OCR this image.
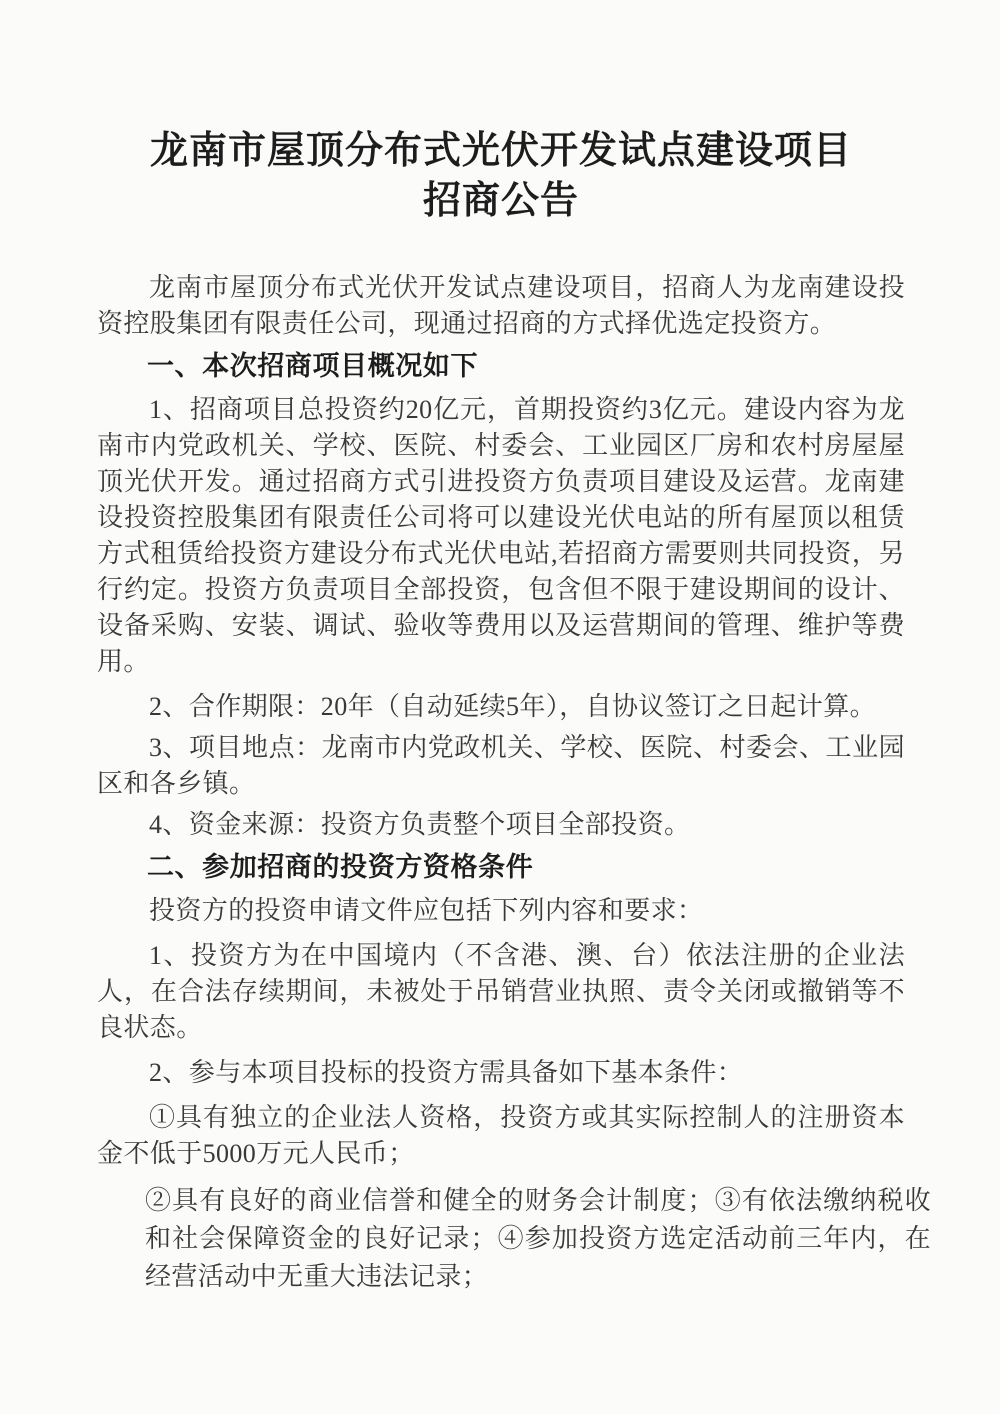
龙南市屋顶分布式光伏开发试点建设项目
招商公告

龙南市屋顶分布式光伏开发试点建设项目，招商人为龙南建设投资控股集团有限责任公司，现通过招商的方式择优选定投资方。

一、本次招商项目概况如下

1、招商项目总投资约20亿元，首期投资约3亿元。建设内容为龙南市内党政机关、学校、医院、村委会、工业园区厂房和农村房屋屋顶光伏开发。通过招商方式引进投资方负责项目建设及运营。龙南建设投资控股集团有限责任公司将可以建设光伏电站的所有屋顶以租赁方式租赁给投资方建设分布式光伏电站,若招商方需要则共同投资，另行约定。投资方负责项目全部投资，包含但不限于建设期间的设计、设备采购、安装、调试、验收等费用以及运营期间的管理、维护等费用。

2、合作期限：20年（自动延续5年），自协议签订之日起计算。

3、项目地点：龙南市内党政机关、学校、医院、村委会、工业园区和各乡镇。

4、资金来源：投资方负责整个项目全部投资。

二、参加招商的投资方资格条件

投资方的投资申请文件应包括下列内容和要求：

1、投资方为在中国境内（不含港、澳、台）依法注册的企业法人，在合法存续期间，未被处于吊销营业执照、责令关闭或撤销等不良状态。

2、参与本项目投标的投资方需具备如下基本条件：

①具有独立的企业法人资格，投资方或其实际控制人的注册资本金不低于5000万元人民币；

②具有良好的商业信誉和健全的财务会计制度；③有依法缴纳税收和社会保障资金的良好记录；④参加投资方选定活动前三年内，在经营活动中无重大违法记录；
